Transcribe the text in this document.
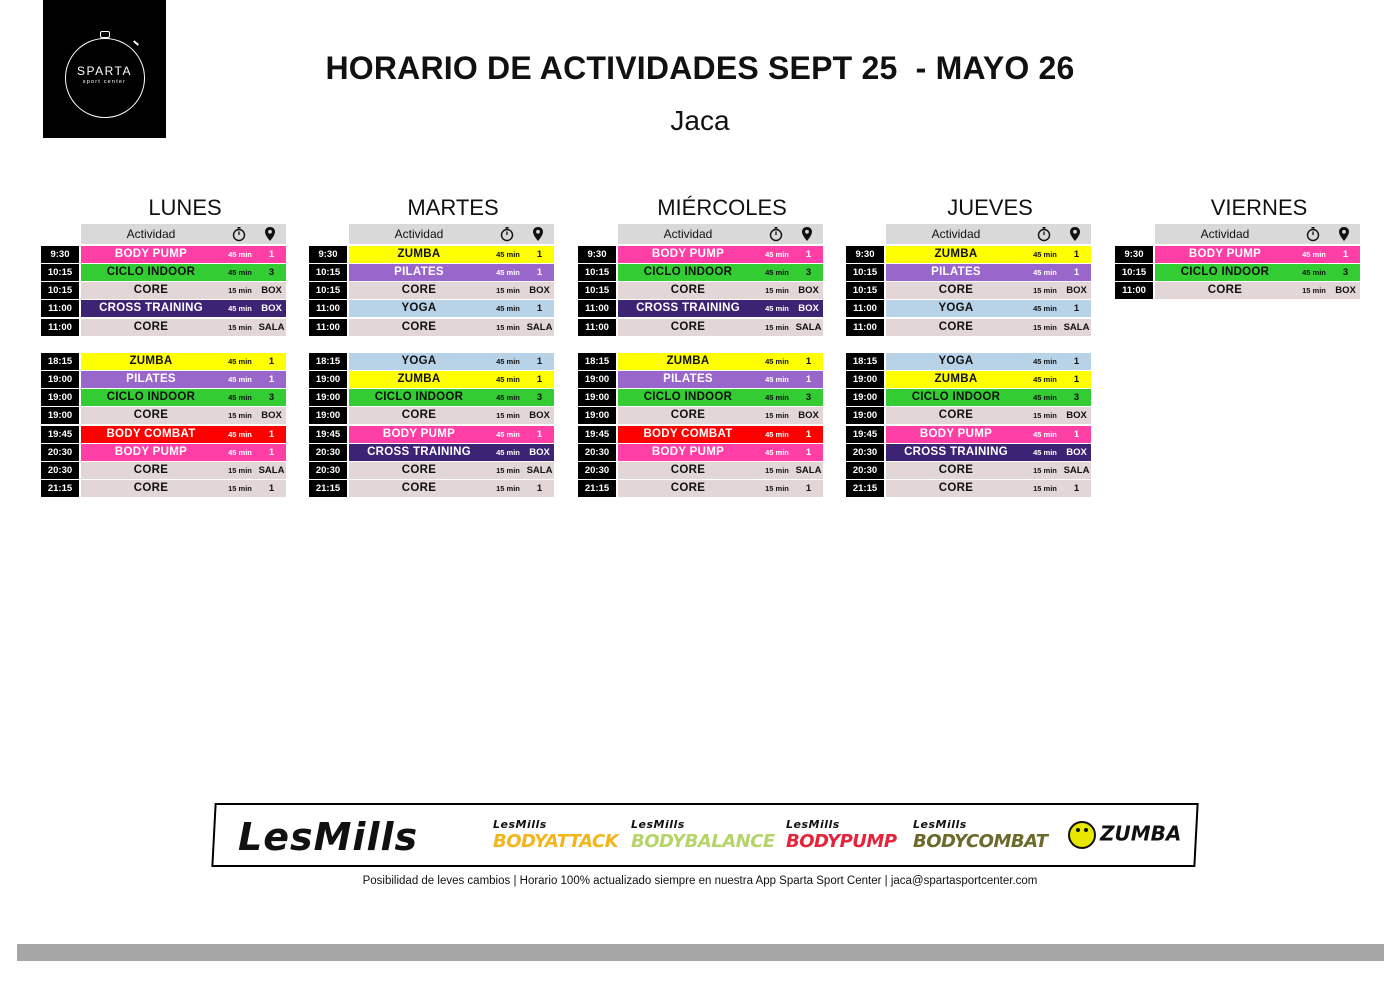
SPARTA
sport center	HORARIO DE ACTIVIDADES SEPT 25  - MAYO 26
Jaca
LUNES
Actividad
9:30	BODY PUMP	45 min	1
10:15	CICLO INDOOR	45 min	3
10:15	CORE	15 min BOX
11:00	CROSS TRAINING	45 min BOX
11:00	CORE	15 min SALA
18:15	ZUMBA	45 min	1
19:00	PILATES	45 min	1
19:00	CICLO INDOOR	45 min	3
19:00	CORE	15 min BOX
19:45	BODY COMBAT	45 min	1
20:30	BODY PUMP	45 min	1
20:30	CORE	15 min SALA
21:15	CORE	15 min	1
MARTES
Actividad
9:30	ZUMBA	45 min	1
10:15	PILATES	45 min	1
10:15	CORE	15 min BOX
11:00	YOGA	45 min	1
11:00	CORE	15 min SALA
18:15	YOGA	45 min	1
19:00	ZUMBA	45 min	1
19:00	CICLO INDOOR	45 min	3
19:00	CORE	15 min BOX
19:45	BODY PUMP	45 min	1
20:30	CROSS TRAINING	45 min BOX
20:30	CORE	15 min SALA
21:15	CORE	15 min	1
MIÉRCOLES
Actividad
9:30	BODY PUMP	45 min	1
10:15	CICLO INDOOR	45 min	3
10:15	CORE	15 min BOX
11:00	CROSS TRAINING	45 min BOX
11:00	CORE	15 min SALA
18:15	ZUMBA	45 min	1
19:00	PILATES	45 min	1
19:00	CICLO INDOOR	45 min	3
19:00	CORE	15 min BOX
19:45	BODY COMBAT	45 min	1
20:30	BODY PUMP	45 min	1
20:30	CORE	15 min SALA
21:15	CORE	15 min	1
JUEVES
Actividad
9:30	ZUMBA	45 min	1
10:15	PILATES	45 min	1
10:15	CORE	15 min BOX
11:00	YOGA	45 min	1
11:00	CORE	15 min SALA
18:15	YOGA	45 min	1
19:00	ZUMBA	45 min	1
19:00	CICLO INDOOR	45 min	3
19:00	CORE	15 min BOX
19:45	BODY PUMP	45 min	1
20:30	CROSS TRAINING	45 min BOX
20:30	CORE	15 min SALA
21:15	CORE	15 min	1
VIERNES
Actividad
9:30	BODY PUMP	45 min	1
10:15	CICLO INDOOR	45 min	3
11:00	CORE	15 min BOX
LesMills	LesMills
BODYATTACK
LesMills
BODYBALANCE
LesMills
BODYPUMP
LesMills
BODYCOMBAT	ZUMBA
Posibilidad de leves cambios | Horario 100% actualizado siempre en nuestra App Sparta Sport Center | jaca@spartasportcenter.com
